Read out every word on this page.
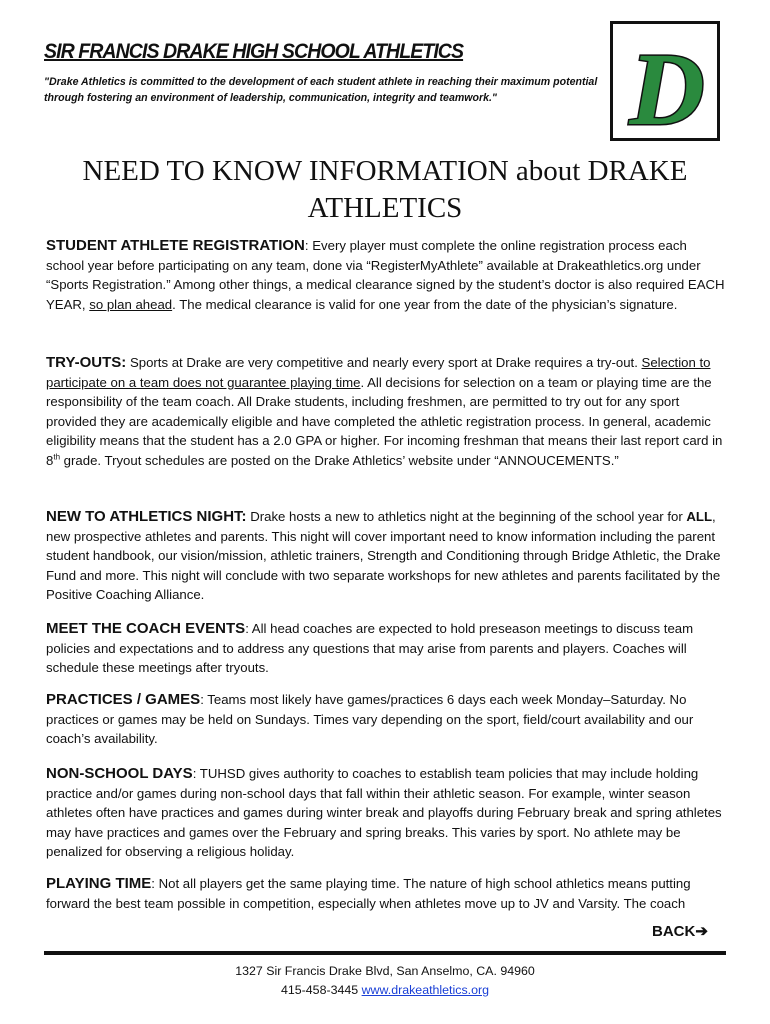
SIR FRANCIS DRAKE HIGH SCHOOL ATHLETICS
"Drake Athletics is committed to the development of each student athlete in reaching their maximum potential through fostering an environment of leadership, communication, integrity and teamwork."	D
NEED TO KNOW INFORMATION about DRAKE ATHLETICS
STUDENT ATHLETE REGISTRATION: Every player must complete the online registration process each school year before participating on any team, done via “RegisterMyAthlete” available at Drakeathletics.org under “Sports Registration.” Among other things, a medical clearance signed by the student’s doctor is also required EACH YEAR, so plan ahead. The medical clearance is valid for one year from the date of the physician’s signature.
TRY-OUTS: Sports at Drake are very competitive and nearly every sport at Drake requires a try-out. Selection to participate on a team does not guarantee playing time. All decisions for selection on a team or playing time are the responsibility of the team coach. All Drake students, including freshmen, are permitted to try out for any sport provided they are academically eligible and have completed the athletic registration process. In general, academic eligibility means that the student has a 2.0 GPA or higher. For incoming freshman that means their last report card in 8th grade. Tryout schedules are posted on the Drake Athletics’ website under “ANNOUCEMENTS.”
NEW TO ATHLETICS NIGHT: Drake hosts a new to athletics night at the beginning of the school year for ALL, new prospective athletes and parents. This night will cover important need to know information including the parent student handbook, our vision/mission, athletic trainers, Strength and Conditioning through Bridge Athletic, the Drake Fund and more. This night will conclude with two separate workshops for new athletes and parents facilitated by the Positive Coaching Alliance.
MEET THE COACH EVENTS: All head coaches are expected to hold preseason meetings to discuss team policies and expectations and to address any questions that may arise from parents and players. Coaches will schedule these meetings after tryouts.
PRACTICES / GAMES: Teams most likely have games/practices 6 days each week Monday–Saturday. No practices or games may be held on Sundays. Times vary depending on the sport, field/court availability and our coach’s availability.
NON-SCHOOL DAYS: TUHSD gives authority to coaches to establish team policies that may include holding practice and/or games during non-school days that fall within their athletic season. For example, winter season athletes often have practices and games during winter break and playoffs during February break and spring athletes may have practices and games over the February and spring breaks. This varies by sport. No athlete may be penalized for observing a religious holiday.
PLAYING TIME: Not all players get the same playing time. The nature of high school athletics means putting forward the best team possible in competition, especially when athletes move up to JV and Varsity. The coach
BACK➔
1327 Sir Francis Drake Blvd, San Anselmo, CA. 94960
415-458-3445 www.drakeathletics.org
